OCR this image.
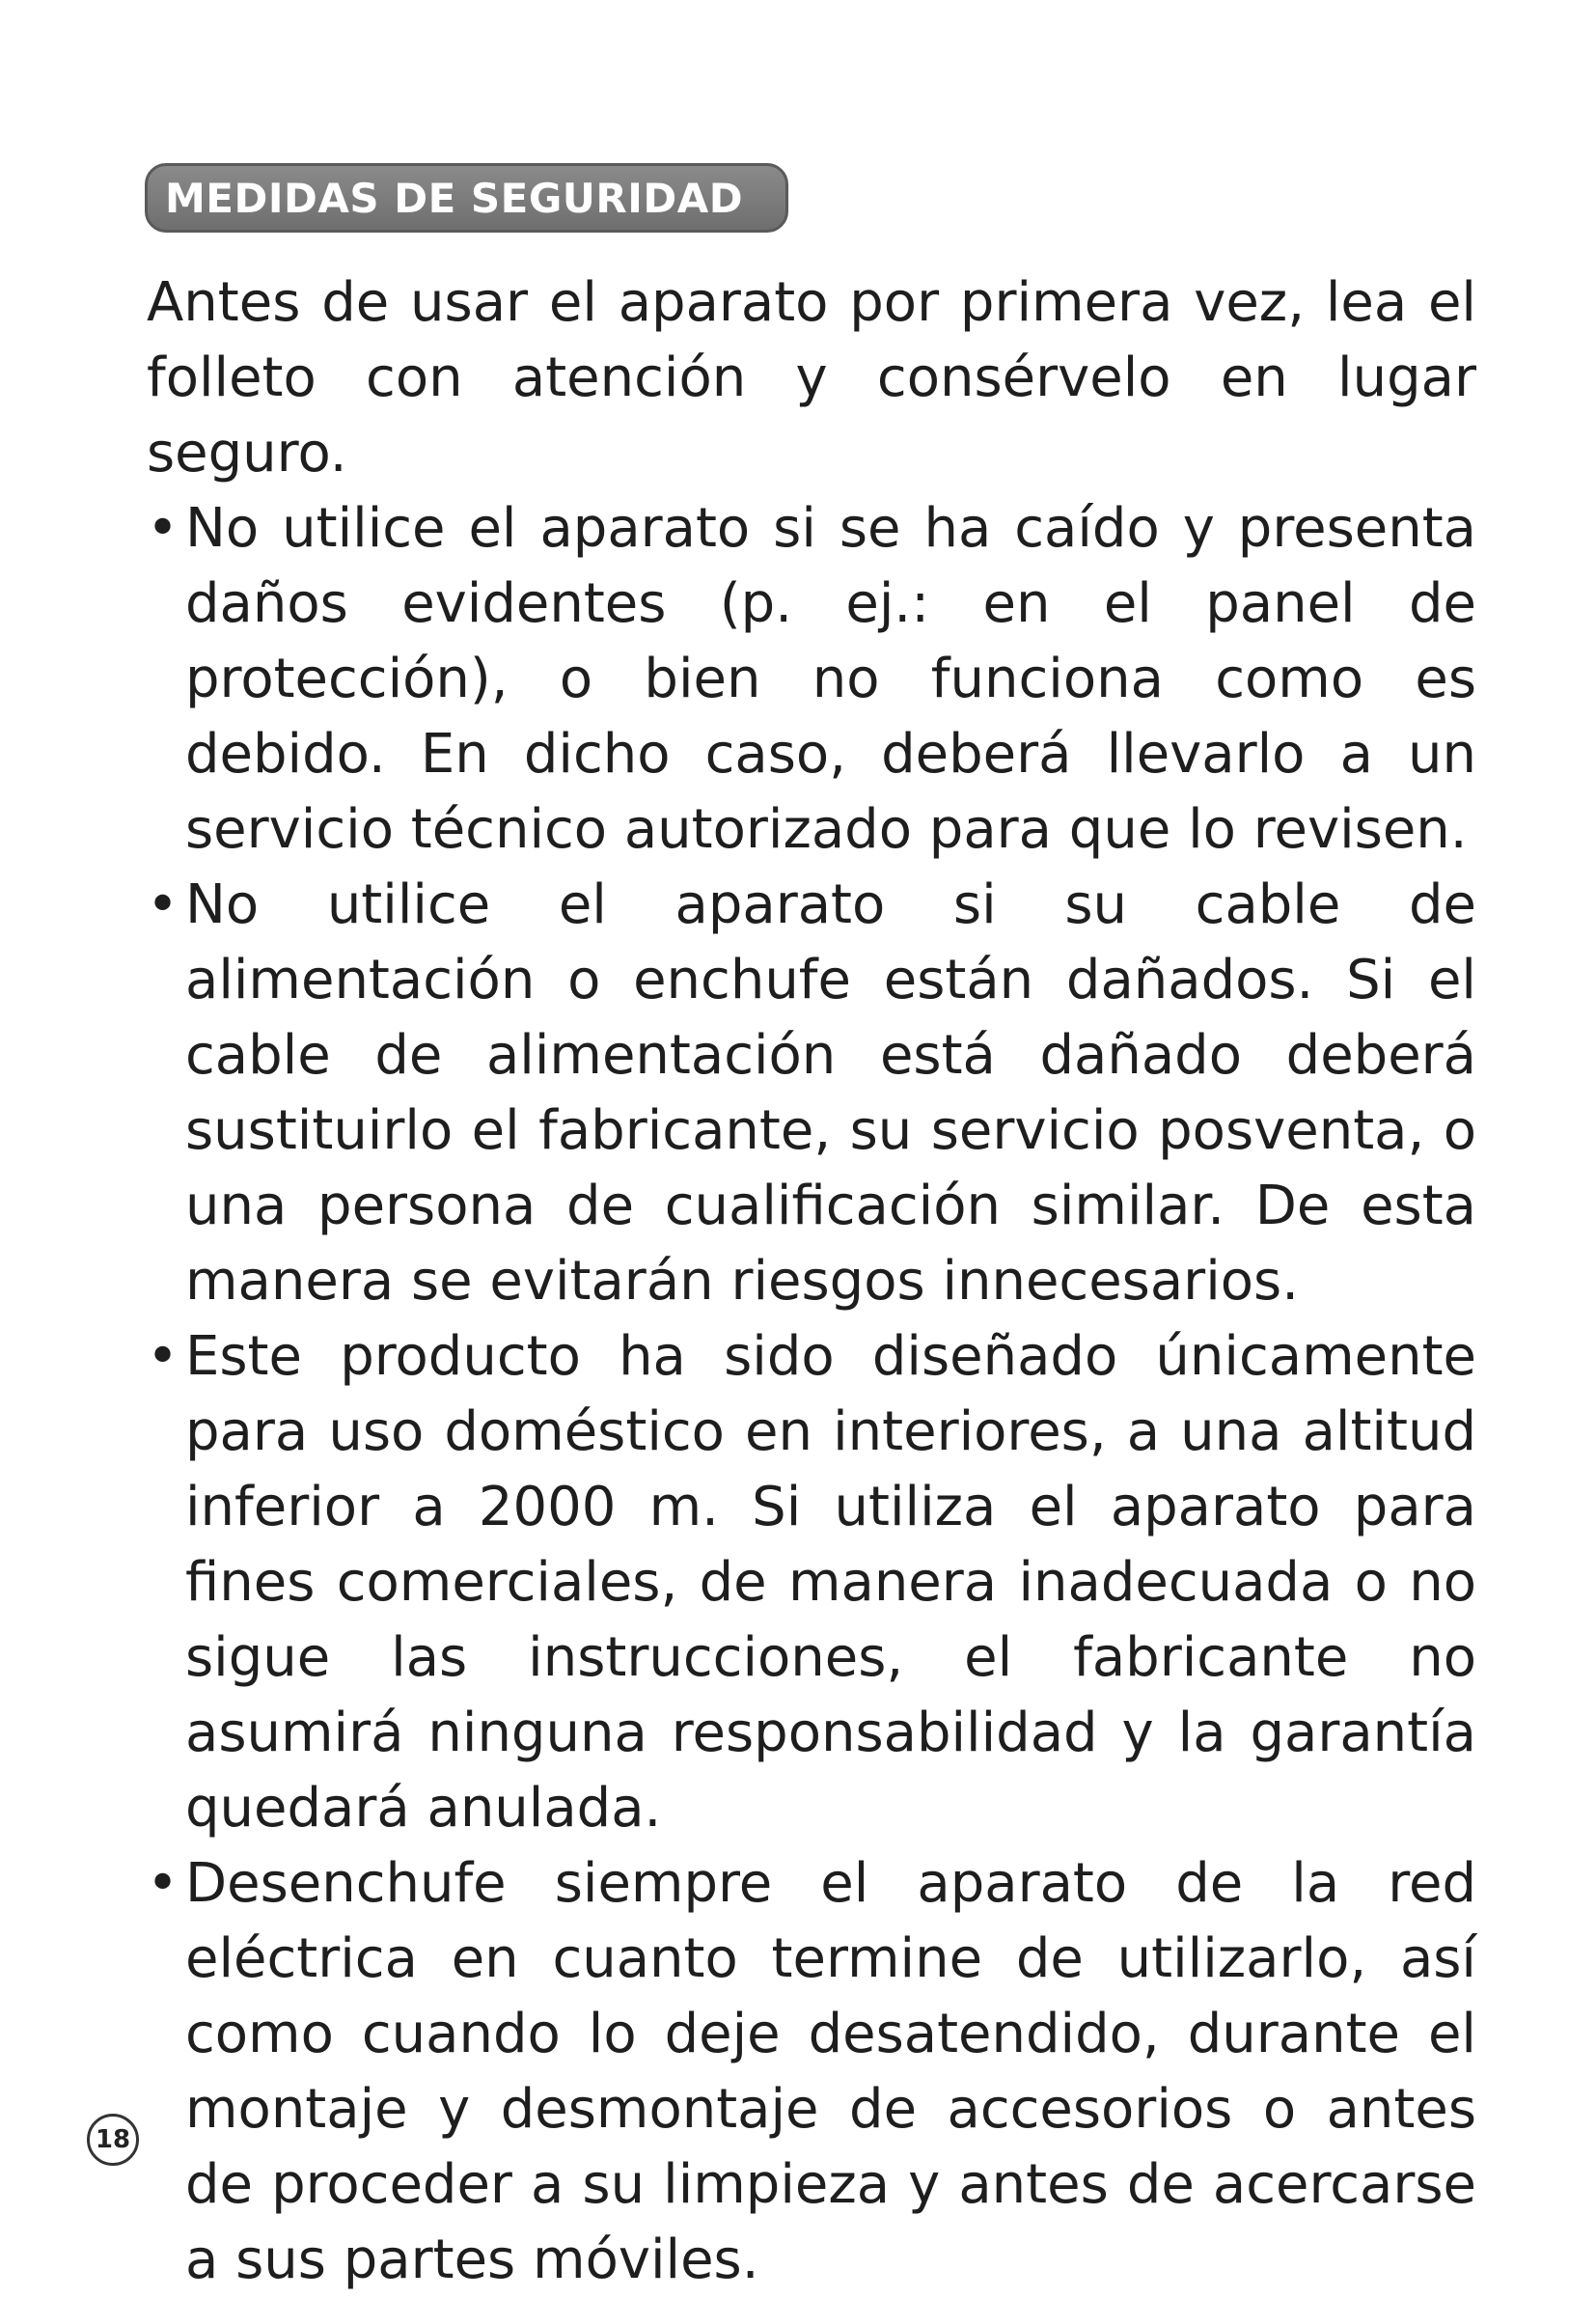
MEDIDAS DE SEGURIDAD

Antes de usar el aparato por primera vez, lea el folleto con atención y consérvelo en lugar seguro.

• No utilice el aparato si se ha caído y presenta daños evidentes (p. ej.: en el panel de protección), o bien no funciona como es debido. En dicho caso, deberá llevarlo a un servicio técnico autorizado para que lo revisen.
• No utilice el aparato si su cable de alimentación o enchufe están dañados. Si el cable de alimentación está dañado deberá sustituirlo el fabricante, su servicio posventa, o una persona de cualificación similar. De esta manera se evitarán riesgos innecesarios.
• Este producto ha sido diseñado únicamente para uso doméstico en interiores, a una altitud inferior a 2000 m. Si utiliza el aparato para fines comerciales, de manera inadecuada o no sigue las instrucciones, el fabricante no asumirá ninguna responsabilidad y la garantía quedará anulada.
• Desenchufe siempre el aparato de la red eléctrica en cuanto termine de utilizarlo, así como cuando lo deje desatendido, durante el montaje y desmontaje de accesorios o antes de proceder a su limpieza y antes de acercarse a sus partes móviles.
18
